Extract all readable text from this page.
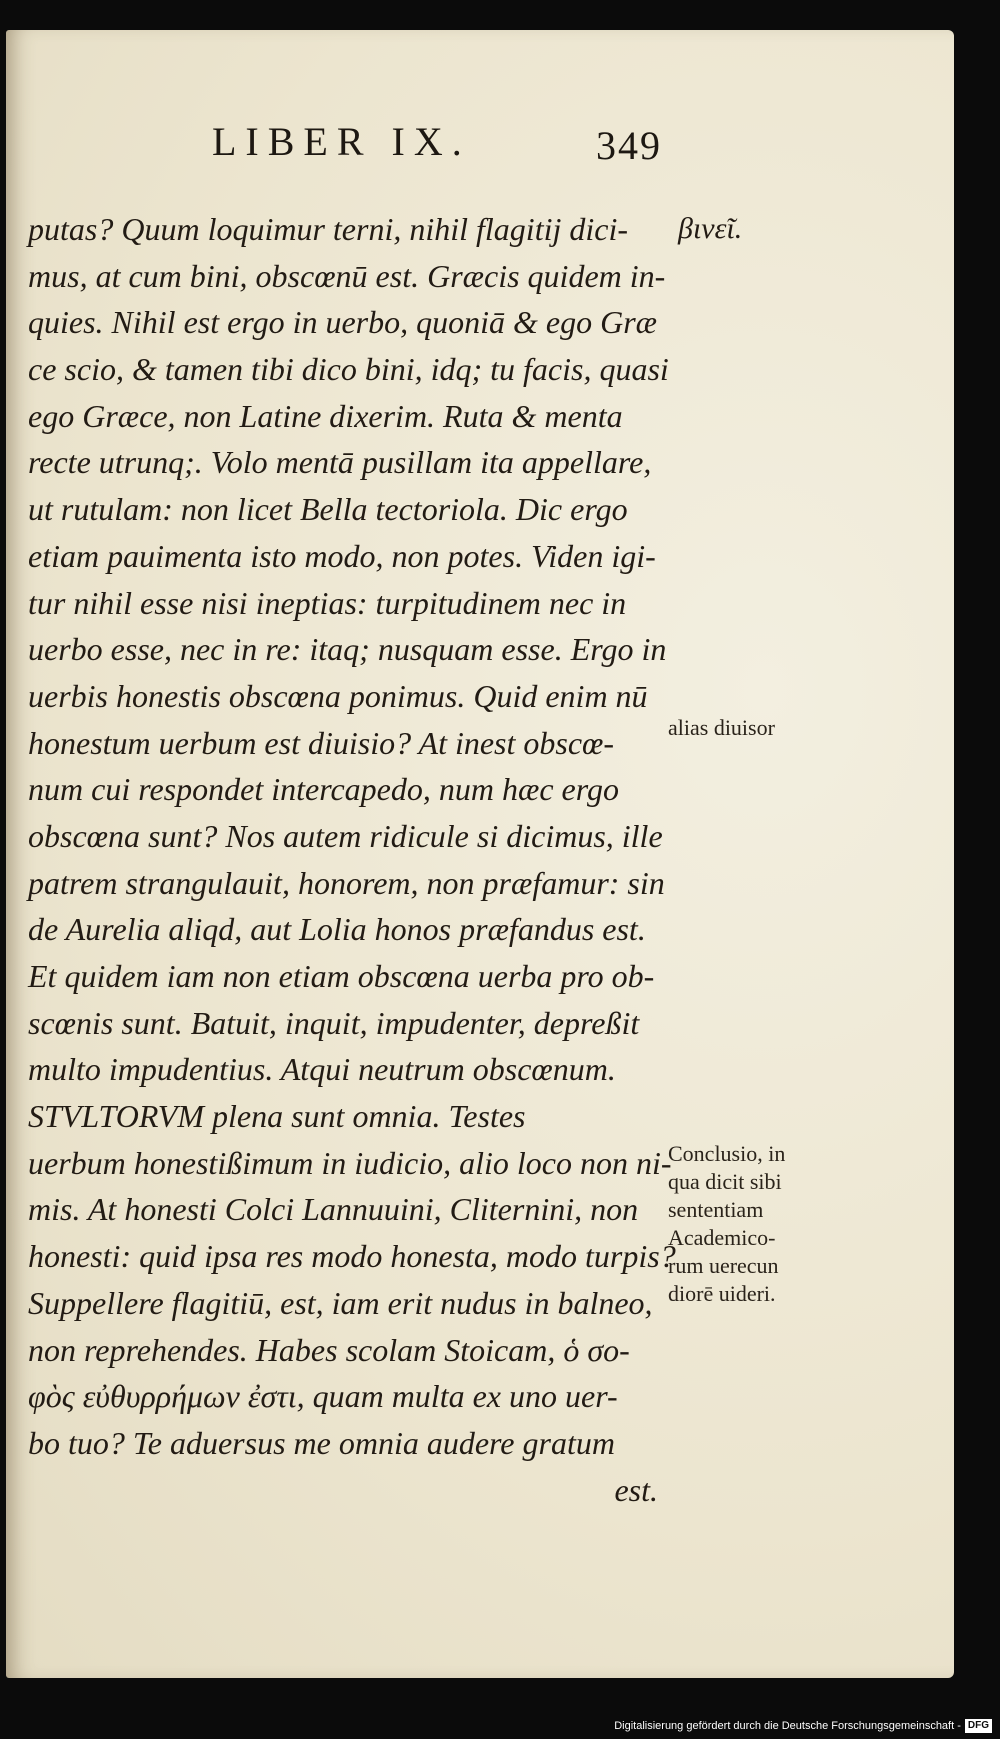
LIBER IX.	349
putas? Quum loquimur terni, nihil flagitij dici-
mus, at cum bini, obscœnū est. Græcis quidem in-
quies. Nihil est ergo in uerbo, quoniā & ego Græ
ce scio, & tamen tibi dico bini, idq; tu facis, quasi
ego Græce, non Latine dixerim. Ruta & menta
recte utrunq;. Volo mentā pusillam ita appellare,
ut rutulam: non licet Bella tectoriola. Dic ergo
etiam pauimenta isto modo, non potes. Viden igi-
tur nihil esse nisi ineptias: turpitudinem nec in
uerbo esse, nec in re: itaq; nusquam esse. Ergo in
uerbis honestis obscœna ponimus. Quid enim nū
honestum uerbum est diuisio? At inest obscœ-
num cui respondet intercapedo, num hæc ergo
obscœna sunt? Nos autem ridicule si dicimus, ille
patrem strangulauit, honorem, non præfamur: sin
de Aurelia aliqd, aut Lolia honos præfandus est.
Et quidem iam non etiam obscœna uerba pro ob-
scœnis sunt. Batuit, inquit, impudenter, depreßit
multo impudentius. Atqui neutrum obscœnum.
STVLTORVM plena sunt omnia. Testes
uerbum honestißimum in iudicio, alio loco non ni-
mis. At honesti Colci Lannuuini, Cliternini, non
honesti: quid ipsa res modo honesta, modo turpis?
Suppellere flagitiū, est, iam erit nudus in balneo,
non reprehendes. Habes scolam Stoicam, ὁ σο-
φὸς εὐθυρρήμων ἐστι, quam multa ex uno uer-
bo tuo? Te aduersus me omnia audere gratum
est.
βινεῖ.
alias diuisor
Conclusio, in
qua dicit sibi
sententiam
Academico-
rum uerecun
diorē uideri.
Digitalisierung gefördert durch die Deutsche Forschungsgemeinschaft - DFG
